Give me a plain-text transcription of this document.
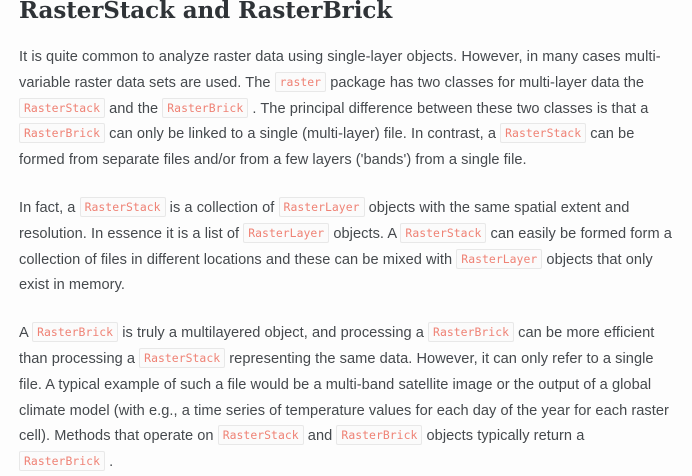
RasterStack and RasterBrick

It is quite common to analyze raster data using single-layer objects. However, in many cases multi-variable raster data sets are used. The raster package has two classes for multi-layer data the RasterStack and the RasterBrick . The principal difference between these two classes is that a RasterBrick can only be linked to a single (multi-layer) file. In contrast, a RasterStack can be formed from separate files and/or from a few layers ('bands') from a single file.

In fact, a RasterStack is a collection of RasterLayer objects with the same spatial extent and resolution. In essence it is a list of RasterLayer objects. A RasterStack can easily be formed form a collection of files in different locations and these can be mixed with RasterLayer objects that only exist in memory.

A RasterBrick is truly a multilayered object, and processing a RasterBrick can be more efficient than processing a RasterStack representing the same data. However, it can only refer to a single file. A typical example of such a file would be a multi-band satellite image or the output of a global climate model (with e.g., a time series of temperature values for each day of the year for each raster cell). Methods that operate on RasterStack and RasterBrick objects typically return a RasterBrick .
